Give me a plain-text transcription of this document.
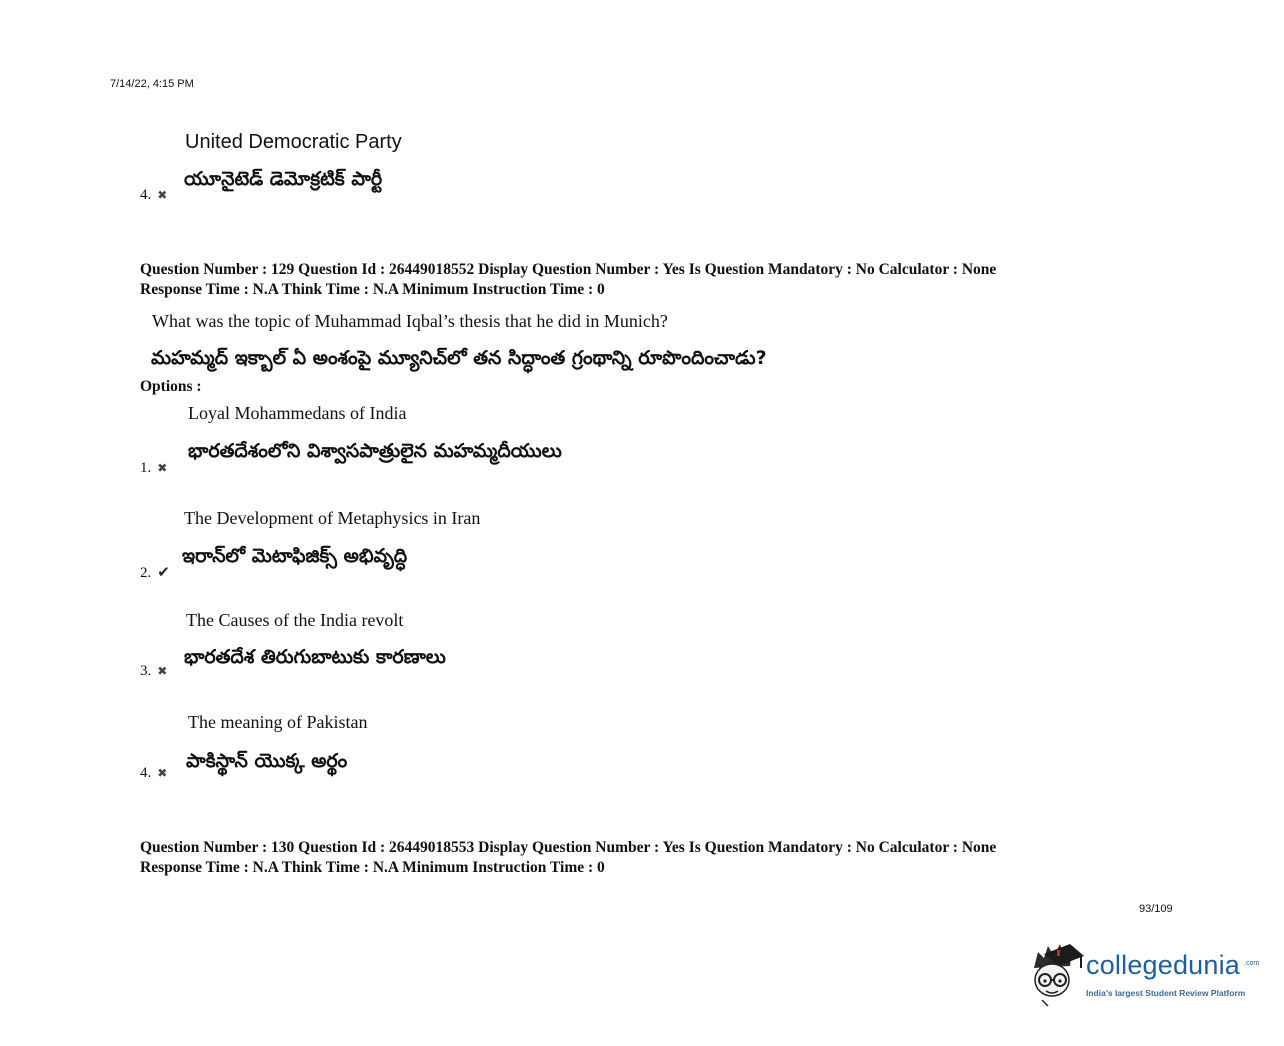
7/14/22, 4:15 PM
United Democratic Party
యూనైటెడ్ డెమోక్రటిక్ పార్టీ
4. ✖
Question Number : 129 Question Id : 26449018552 Display Question Number : Yes Is Question Mandatory : No Calculator : None
Response Time : N.A Think Time : N.A Minimum Instruction Time : 0
What was the topic of Muhammad Iqbal’s thesis that he did in Munich?
మహమ్మద్ ఇక్బాల్ ఏ అంశంపై మ్యూనిచ్‌లో తన సిద్ధాంత గ్రంథాన్ని రూపొందించాడు?
Options :
Loyal Mohammedans of India
భారతదేశంలోని విశ్వాసపాత్రులైన మహమ్మదీయులు
1. ✖
The Development of Metaphysics in Iran
ఇరాన్‌లో మెటాఫిజిక్స్ అభివృద్ధి
2. ✔
The Causes of the India revolt
భారతదేశ తిరుగుబాటుకు కారణాలు
3. ✖
The meaning of Pakistan
పాకిస్థాన్ యొక్క అర్థం
4. ✖
Question Number : 130 Question Id : 26449018553 Display Question Number : Yes Is Question Mandatory : No Calculator : None
Response Time : N.A Think Time : N.A Minimum Instruction Time : 0
93/109
collegedunia .com
India's largest Student Review Platform
